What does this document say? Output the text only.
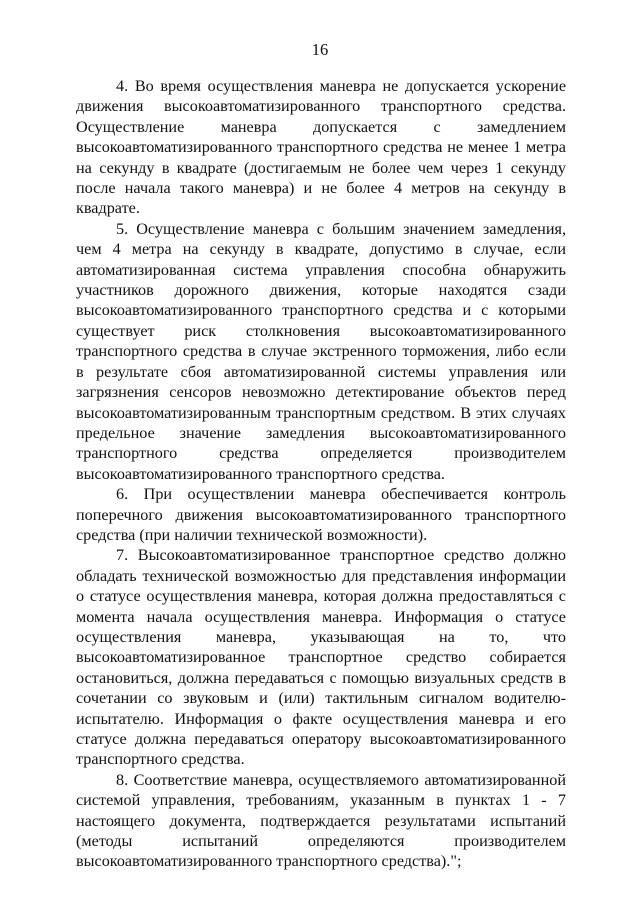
16

4. Во время осуществления маневра не допускается ускорение движения высокоавтоматизированного транспортного средства. Осуществление маневра допускается с замедлением высокоавтоматизированного транспортного средства не менее 1 метра на секунду в квадрате (достигаемым не более чем через 1 секунду после начала такого маневра) и не более 4 метров на секунду в квадрате.

5. Осуществление маневра с большим значением замедления, чем 4 метра на секунду в квадрате, допустимо в случае, если автоматизированная система управления способна обнаружить участников дорожного движения, которые находятся сзади высокоавтоматизированного транспортного средства и с которыми существует риск столкновения высокоавтоматизированного транспортного средства в случае экстренного торможения, либо если в результате сбоя автоматизированной системы управления или загрязнения сенсоров невозможно детектирование объектов перед высокоавтоматизированным транспортным средством. В этих случаях предельное значение замедления высокоавтоматизированного транспортного средства определяется производителем высокоавтоматизированного транспортного средства.

6. При осуществлении маневра обеспечивается контроль поперечного движения высокоавтоматизированного транспортного средства (при наличии технической возможности).

7. Высокоавтоматизированное транспортное средство должно обладать технической возможностью для представления информации о статусе осуществления маневра, которая должна предоставляться с момента начала осуществления маневра. Информация о статусе осуществления маневра, указывающая на то, что высокоавтоматизированное транспортное средство собирается остановиться, должна передаваться с помощью визуальных средств в сочетании со звуковым и (или) тактильным сигналом водителю-испытателю. Информация о факте осуществления маневра и его статусе должна передаваться оператору высокоавтоматизированного транспортного средства.

8. Соответствие маневра, осуществляемого автоматизированной системой управления, требованиям, указанным в пунктах 1 - 7 настоящего документа, подтверждается результатами испытаний (методы испытаний определяются производителем высокоавтоматизированного транспортного средства).";
